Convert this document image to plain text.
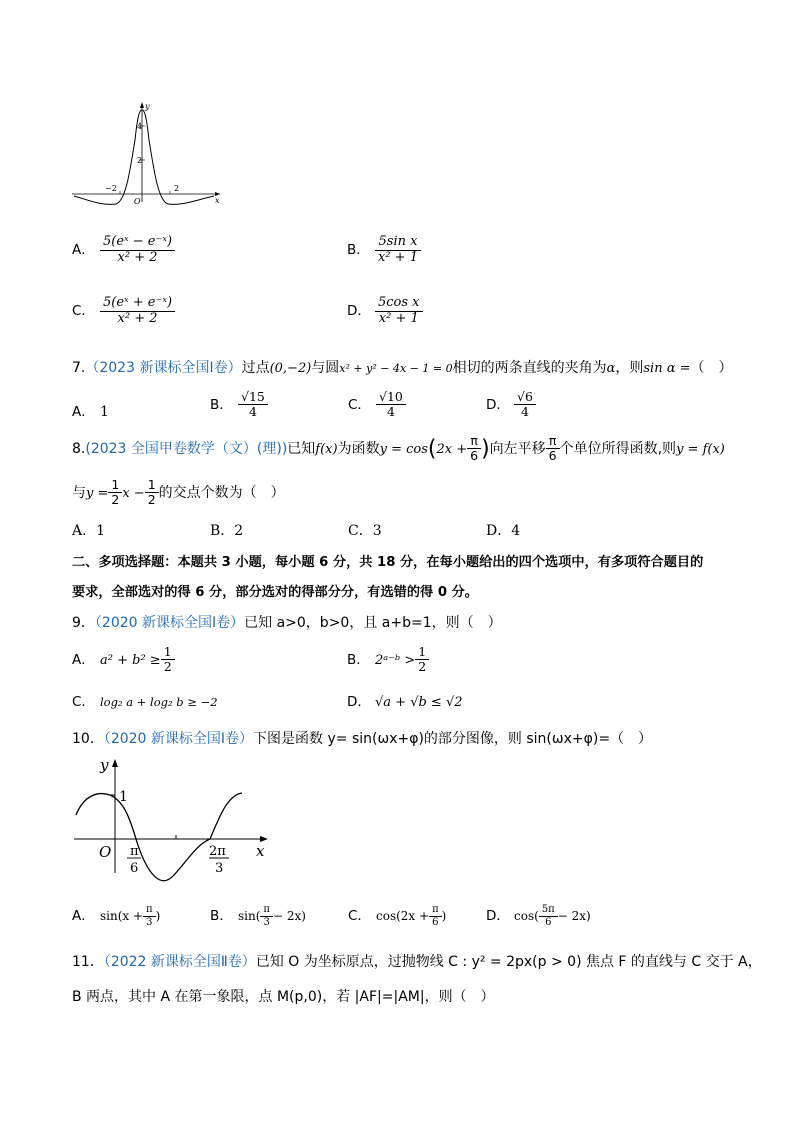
y
x
O
4
2
−2	2
A． $\frac{\text{5(eˣ − e⁻ˣ)}}{\text{x² + 2}}$	B． $\frac{\text{5sin x}}{\text{x² + 1}}$
C． $\frac{\text{5(eˣ + e⁻ˣ)}}{\text{x² + 2}}$	D． $\frac{\text{5cos x}}{\text{x² + 1}}$
7.（2023 新课标全国Ⅰ卷）过点(0,−2)与圆x² + y² − 4x − 1 = 0相切的两条直线的夹角为α，则sin α =（　）
A． 1	B． $\frac{√15}{4}$	C． $\frac{√10}{4}$	D． $\frac{√6}{4}$
8.(2023 全国甲卷数学（文）(理))已知f(x)为函数$y = \cos(2x + \frac{\pi}{6}$ )向左平移 $\frac{\pi}{6}$ 个单位所得函数,则y = f(x)
与$y = \frac{1}{2}$ $x - \frac{1}{2}$ 的交点个数为（　）
A．1	B．2	C．3	D．4
二、多项选择题：本题共 3 小题，每小题 6 分，共 18 分，在每小题给出的四个选项中，有多项符合题目的
要求，全部选对的得 6 分，部分选对的得部分分，有选错的得 0 分。
9．（2020 新课标全国Ⅰ卷）已知 a>0，b>0，且 a+b=1，则（　）
A． $a^2 + b^2 \ge \frac{1}{2}$	B． 2ᵃ⁻ᵇ > $\frac{1}{2}$
C． log₂ a + log₂ b ≥ −2	D． √a + √b ≤ √2
10．（2020 新课标全国Ⅰ卷）下图是函数 y= sin(ωx+φ)的部分图像，则 sin(ωx+φ)=（　）
y
x
O
1
π
6
2π
3
A． $\sin(x + \frac{\pi}{3}$ )	B． $\sin( \frac{\pi}{3} - 2x)$	C． $\cos(2x + \frac{\pi}{6}$ )	D． $\cos( \frac{5\pi}{6} - 2x)$
11．（2022 新课标全国Ⅱ卷）已知 O 为坐标原点，过抛物线 C : y² = 2px(p > 0) 焦点 F 的直线与 C 交于 A，
B 两点，其中 A 在第一象限，点 M(p,0)，若 |AF|=|AM|，则（　）
